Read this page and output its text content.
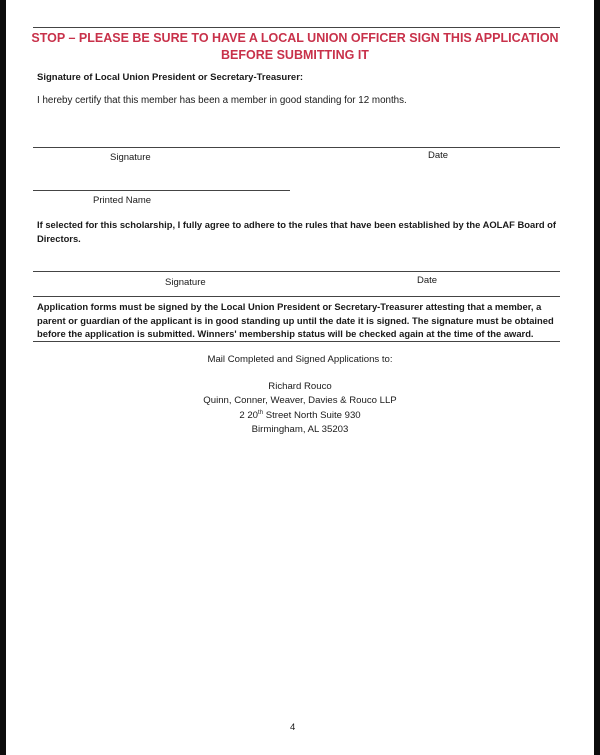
STOP – PLEASE BE SURE TO HAVE A LOCAL UNION OFFICER SIGN THIS APPLICATION
BEFORE SUBMITTING IT
Signature of Local Union President or Secretary-Treasurer:
I hereby certify that this member has been a member in good standing for 12 months.
Signature	Date
Printed Name
If selected for this scholarship, I fully agree to adhere to the rules that have been established by the AOLAF Board of Directors.
Signature	Date
Application forms must be signed by the Local Union President or Secretary-Treasurer attesting that a member, a parent or guardian of the applicant is in good standing up until the date it is signed. The signature must be obtained before the application is submitted. Winners' membership status will be checked again at the time of the award.
Mail Completed and Signed Applications to:
Richard Rouco
Quinn, Conner, Weaver, Davies & Rouco LLP
2 20th Street North Suite 930
Birmingham, AL 35203
4
